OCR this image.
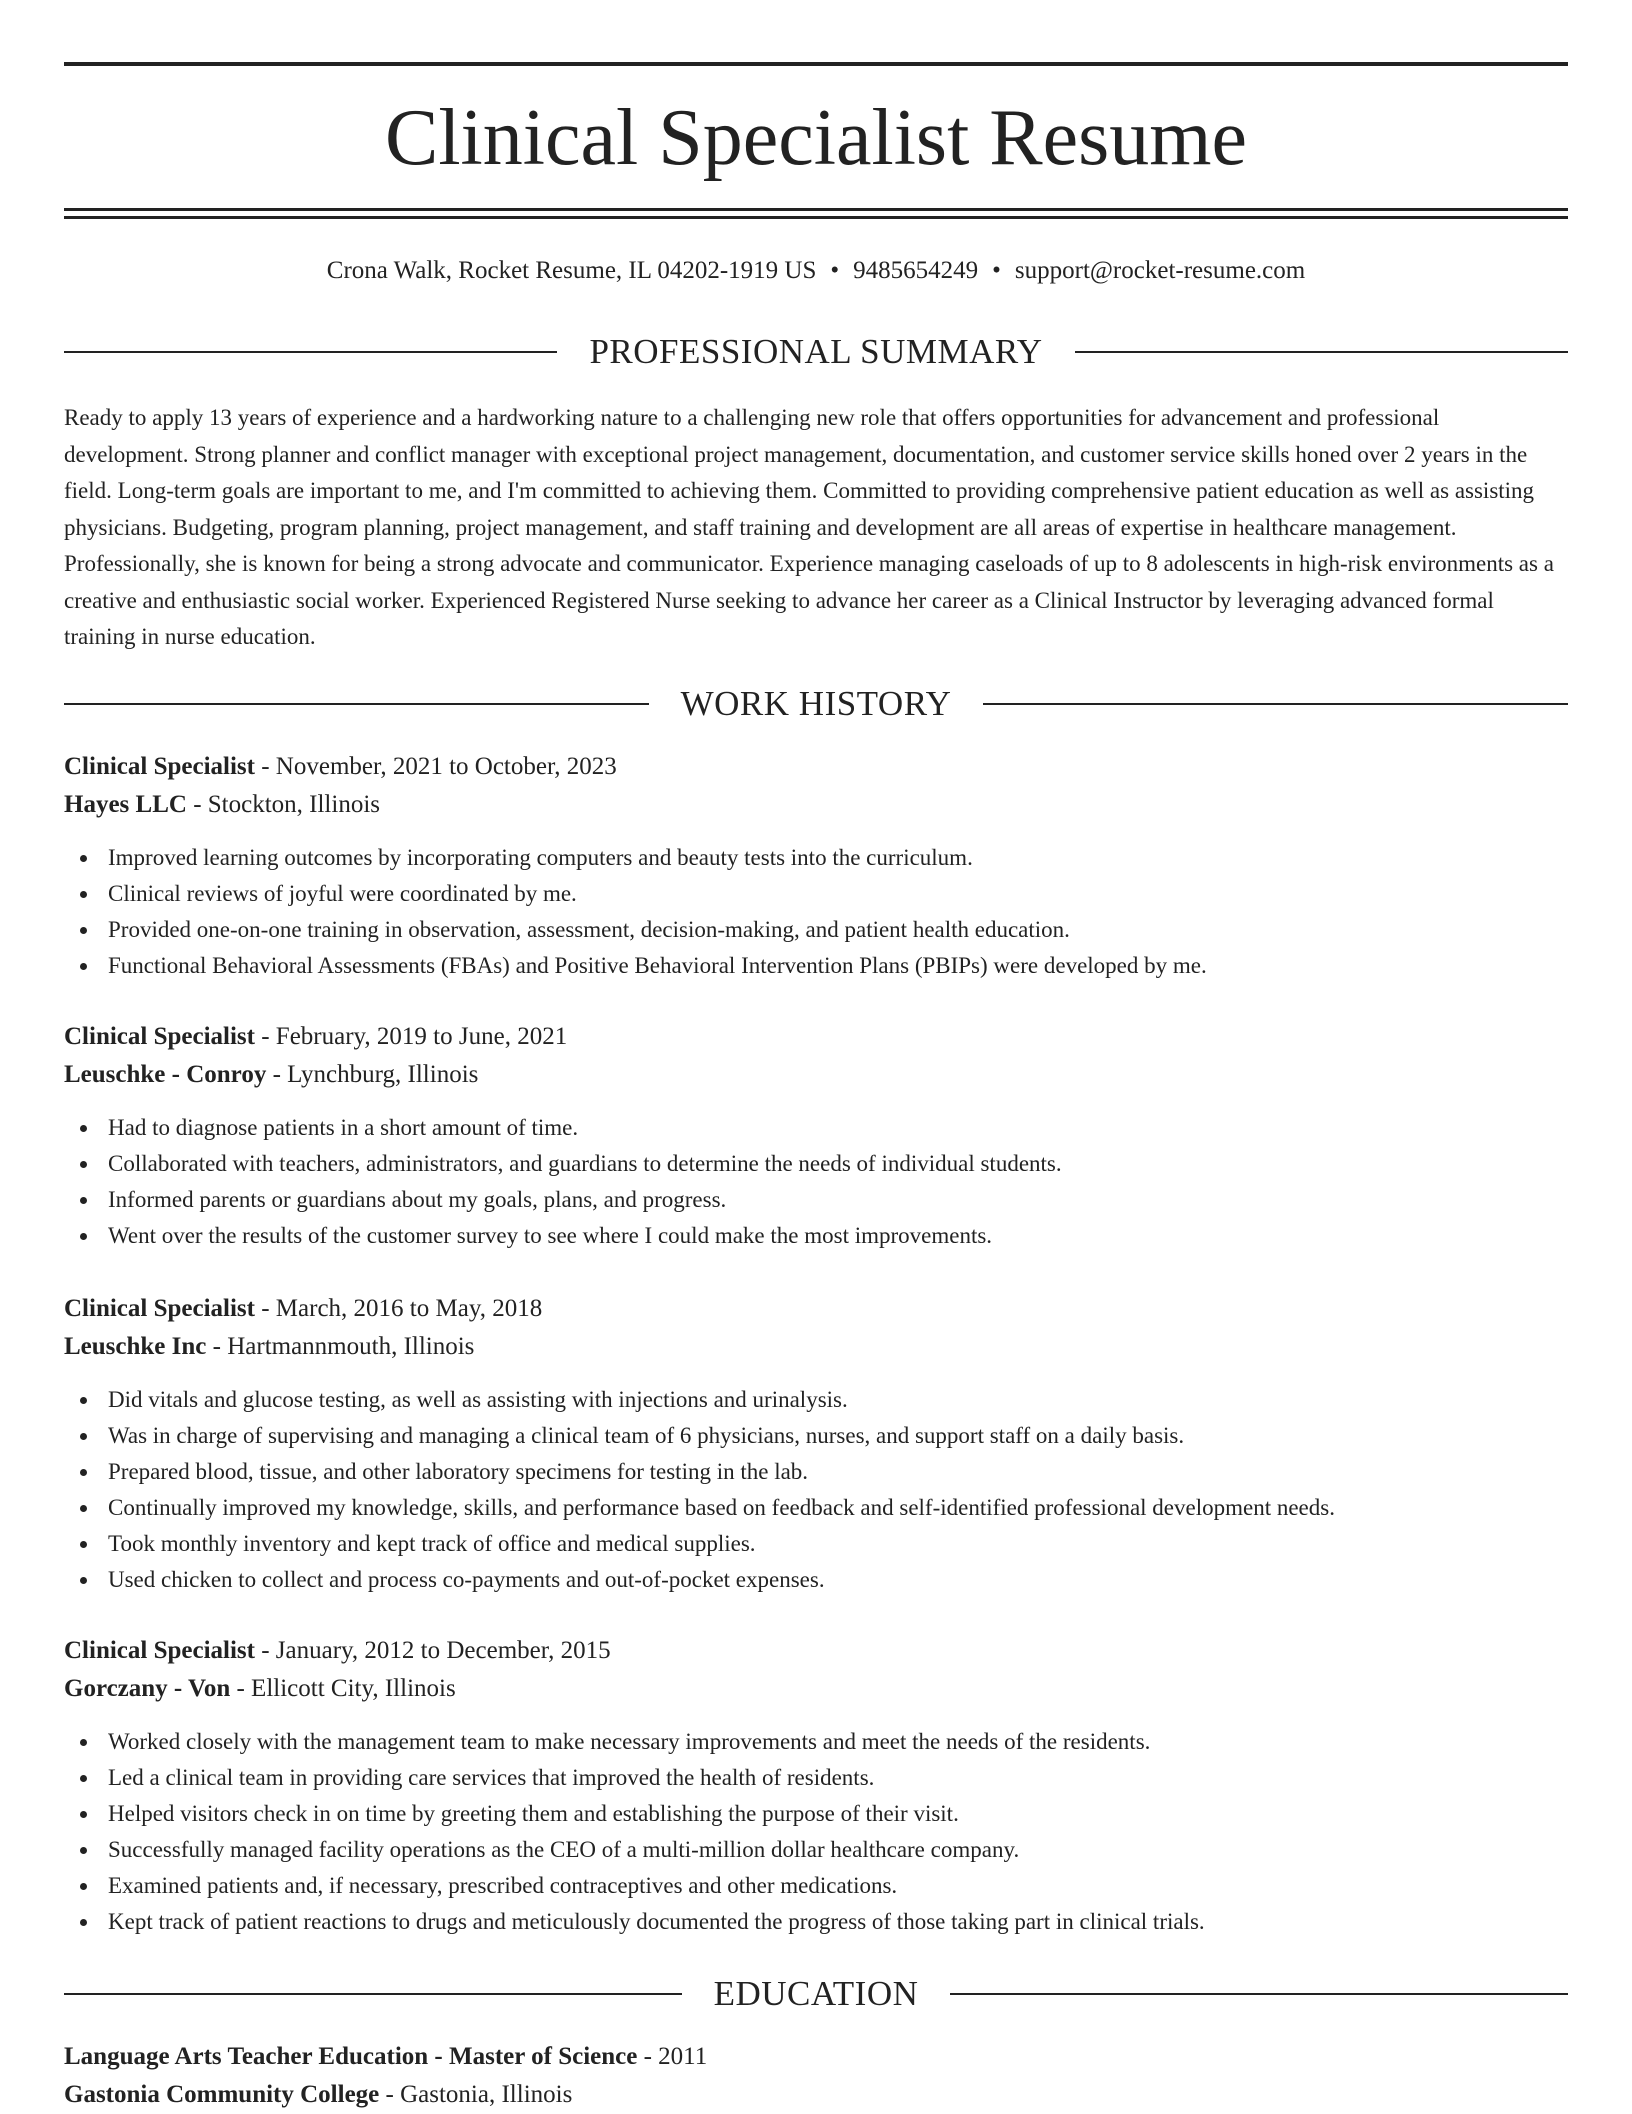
Clinical Specialist Resume
Crona Walk, Rocket Resume, IL 04202-1919 US • 9485654249 • support@rocket-resume.com
PROFESSIONAL SUMMARY

Ready to apply 13 years of experience and a hardworking nature to a challenging new role that offers opportunities for advancement and professional development. Strong planner and conflict manager with exceptional project management, documentation, and customer service skills honed over 2 years in the field. Long-term goals are important to me, and I'm committed to achieving them. Committed to providing comprehensive patient education as well as assisting physicians. Budgeting, program planning, project management, and staff training and development are all areas of expertise in healthcare management. Professionally, she is known for being a strong advocate and communicator. Experience managing caseloads of up to 8 adolescents in high-risk environments as a creative and enthusiastic social worker. Experienced Registered Nurse seeking to advance her career as a Clinical Instructor by leveraging advanced formal training in nurse education.

WORK HISTORY
Clinical Specialist - November, 2021 to October, 2023
Hayes LLC - Stockton, Illinois
Improved learning outcomes by incorporating computers and beauty tests into the curriculum.
Clinical reviews of joyful were coordinated by me.
Provided one-on-one training in observation, assessment, decision-making, and patient health education.
Functional Behavioral Assessments (FBAs) and Positive Behavioral Intervention Plans (PBIPs) were developed by me.
Clinical Specialist - February, 2019 to June, 2021
Leuschke - Conroy - Lynchburg, Illinois
Had to diagnose patients in a short amount of time.
Collaborated with teachers, administrators, and guardians to determine the needs of individual students.
Informed parents or guardians about my goals, plans, and progress.
Went over the results of the customer survey to see where I could make the most improvements.
Clinical Specialist - March, 2016 to May, 2018
Leuschke Inc - Hartmannmouth, Illinois
Did vitals and glucose testing, as well as assisting with injections and urinalysis.
Was in charge of supervising and managing a clinical team of 6 physicians, nurses, and support staff on a daily basis.
Prepared blood, tissue, and other laboratory specimens for testing in the lab.
Continually improved my knowledge, skills, and performance based on feedback and self-identified professional development needs.
Took monthly inventory and kept track of office and medical supplies.
Used chicken to collect and process co-payments and out-of-pocket expenses.
Clinical Specialist - January, 2012 to December, 2015
Gorczany - Von - Ellicott City, Illinois
Worked closely with the management team to make necessary improvements and meet the needs of the residents.
Led a clinical team in providing care services that improved the health of residents.
Helped visitors check in on time by greeting them and establishing the purpose of their visit.
Successfully managed facility operations as the CEO of a multi-million dollar healthcare company.
Examined patients and, if necessary, prescribed contraceptives and other medications.
Kept track of patient reactions to drugs and meticulously documented the progress of those taking part in clinical trials.
EDUCATION
Language Arts Teacher Education - Master of Science - 2011
Gastonia Community College - Gastonia, Illinois
